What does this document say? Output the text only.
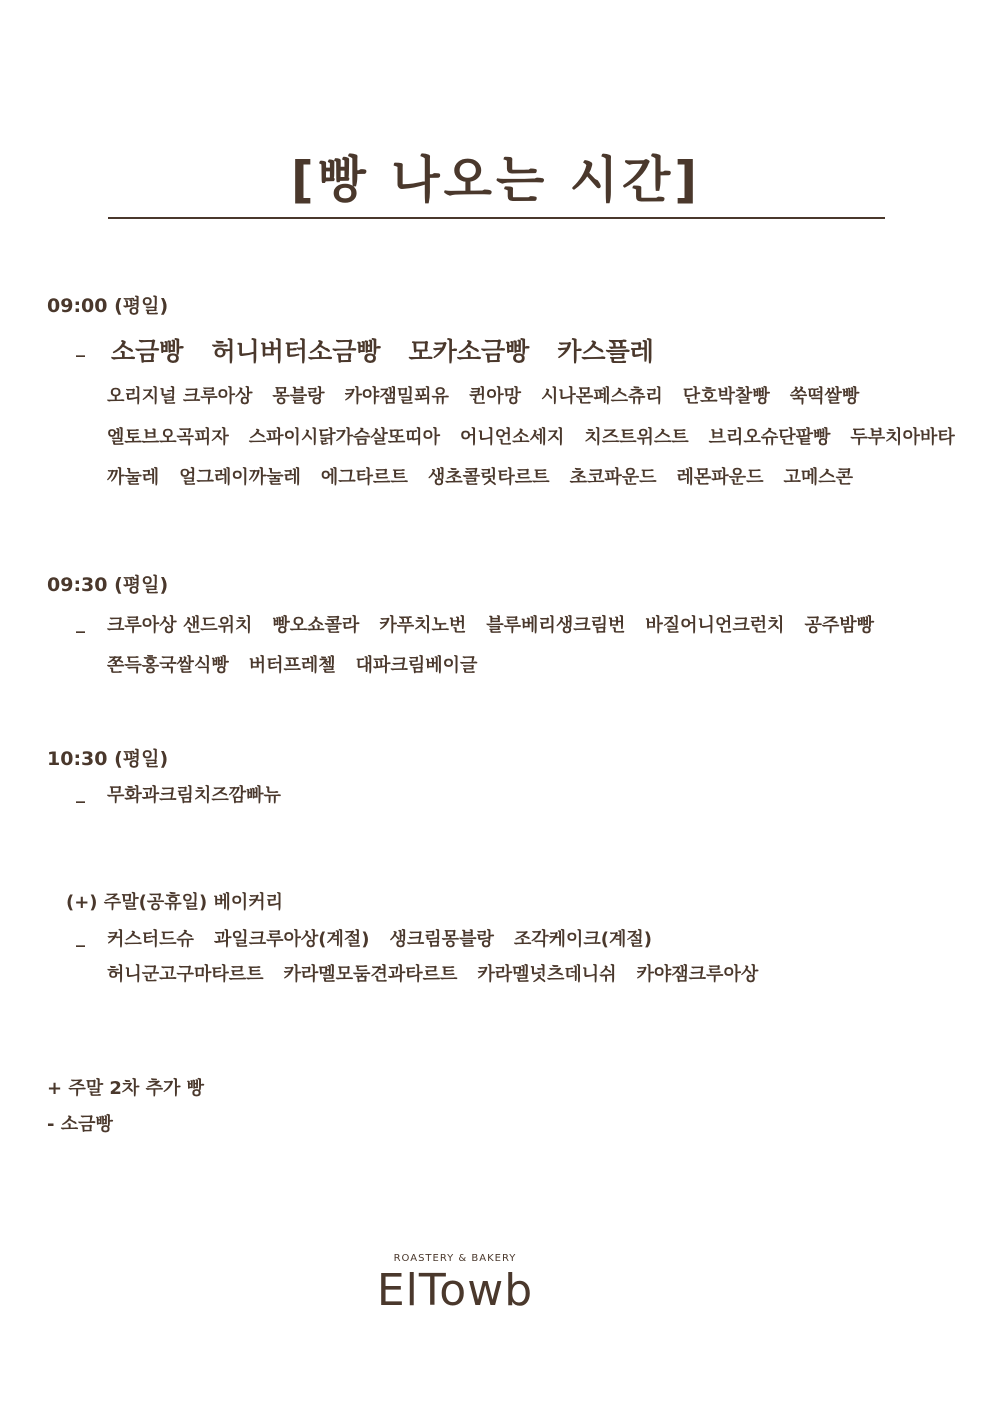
[빵 나오는 시간]
09:00 (평일)
_ 소금빵 허니버터소금빵 모카소금빵 카스플레
오리지널 크루아상 몽블랑 카야잼밀푀유 퀸아망 시나몬페스츄리 단호박찰빵 쑥떡쌀빵
엘토브오곡피자 스파이시닭가슴살또띠아 어니언소세지 치즈트위스트 브리오슈단팥빵 두부치아바타
까눌레 얼그레이까눌레 에그타르트 생초콜릿타르트 초코파운드 레몬파운드 고메스콘
09:30 (평일)
_ 크루아상 샌드위치 빵오쇼콜라 카푸치노번 블루베리생크림번 바질어니언크런치 공주밤빵
쫀득홍국쌀식빵 버터프레첼 대파크림베이글
10:30 (평일)
_ 무화과크림치즈깜빠뉴
(+) 주말(공휴일) 베이커리
_ 커스터드슈 과일크루아상(계절) 생크림몽블랑 조각케이크(계절)
허니군고구마타르트 카라멜모둠견과타르트 카라멜넛츠데니쉬 카야잼크루아상
+ 주말 2차 추가 빵
- 소금빵
ROASTERY & BAKERY
ElTowb
